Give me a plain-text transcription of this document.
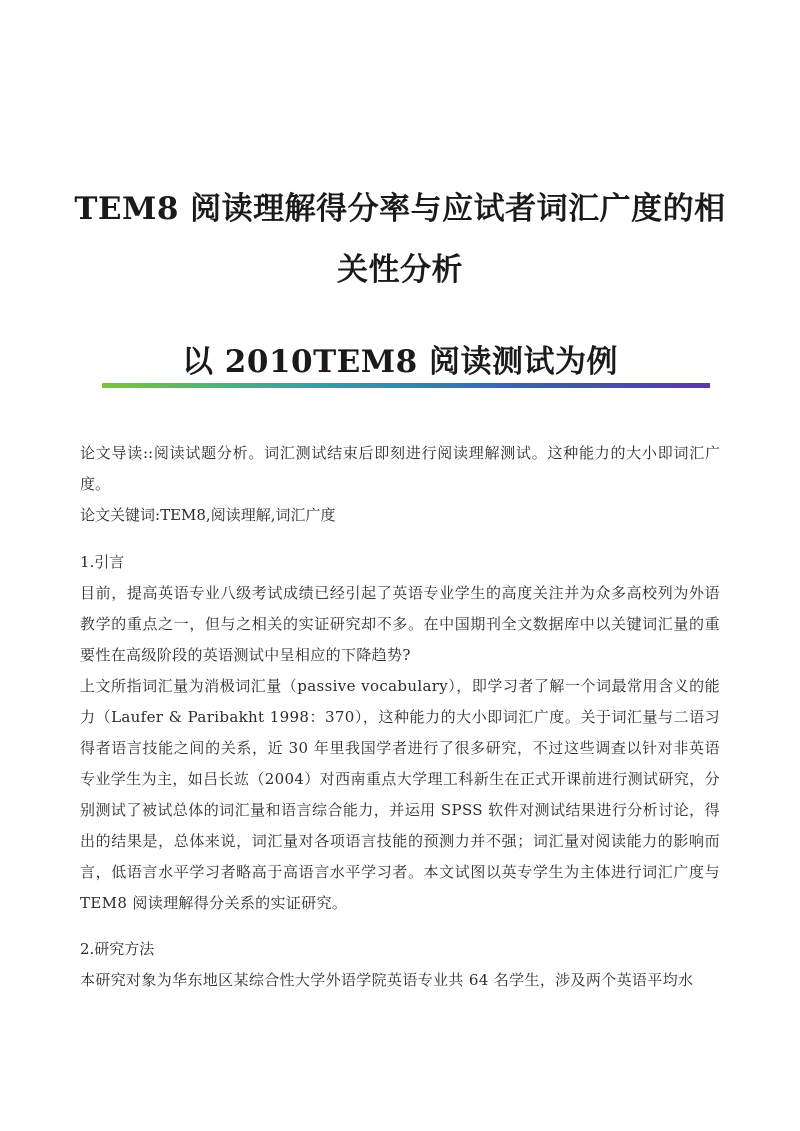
TEM8 阅读理解得分率与应试者词汇广度的相
关性分析
以 2010TEM8 阅读测试为例

论文导读::阅读试题分析。词汇测试结束后即刻进行阅读理解测试。这种能力的大小即词汇广度。

论文关键词:TEM8,阅读理解,词汇广度

1.引言

目前，提高英语专业八级考试成绩已经引起了英语专业学生的高度关注并为众多高校列为外语教学的重点之一，但与之相关的实证研究却不多。在中国期刊全文数据库中以关键词汇量的重要性在高级阶段的英语测试中呈相应的下降趋势?

上文所指词汇量为消极词汇量（passive vocabulary），即学习者了解一个词最常用含义的能力（Laufer & Paribakht 1998：370），这种能力的大小即词汇广度。关于词汇量与二语习得者语言技能之间的关系，近 30 年里我国学者进行了很多研究，不过这些调查以针对非英语专业学生为主，如吕长竑（2004）对西南重点大学理工科新生在正式开课前进行测试研究，分别测试了被试总体的词汇量和语言综合能力，并运用 SPSS 软件对测试结果进行分析讨论，得出的结果是，总体来说，词汇量对各项语言技能的预测力并不强；词汇量对阅读能力的影响而言，低语言水平学习者略高于高语言水平学习者。本文试图以英专学生为主体进行词汇广度与 TEM8 阅读理解得分关系的实证研究。

2.研究方法

本研究对象为华东地区某综合性大学外语学院英语专业共 64 名学生，涉及两个英语平均水
